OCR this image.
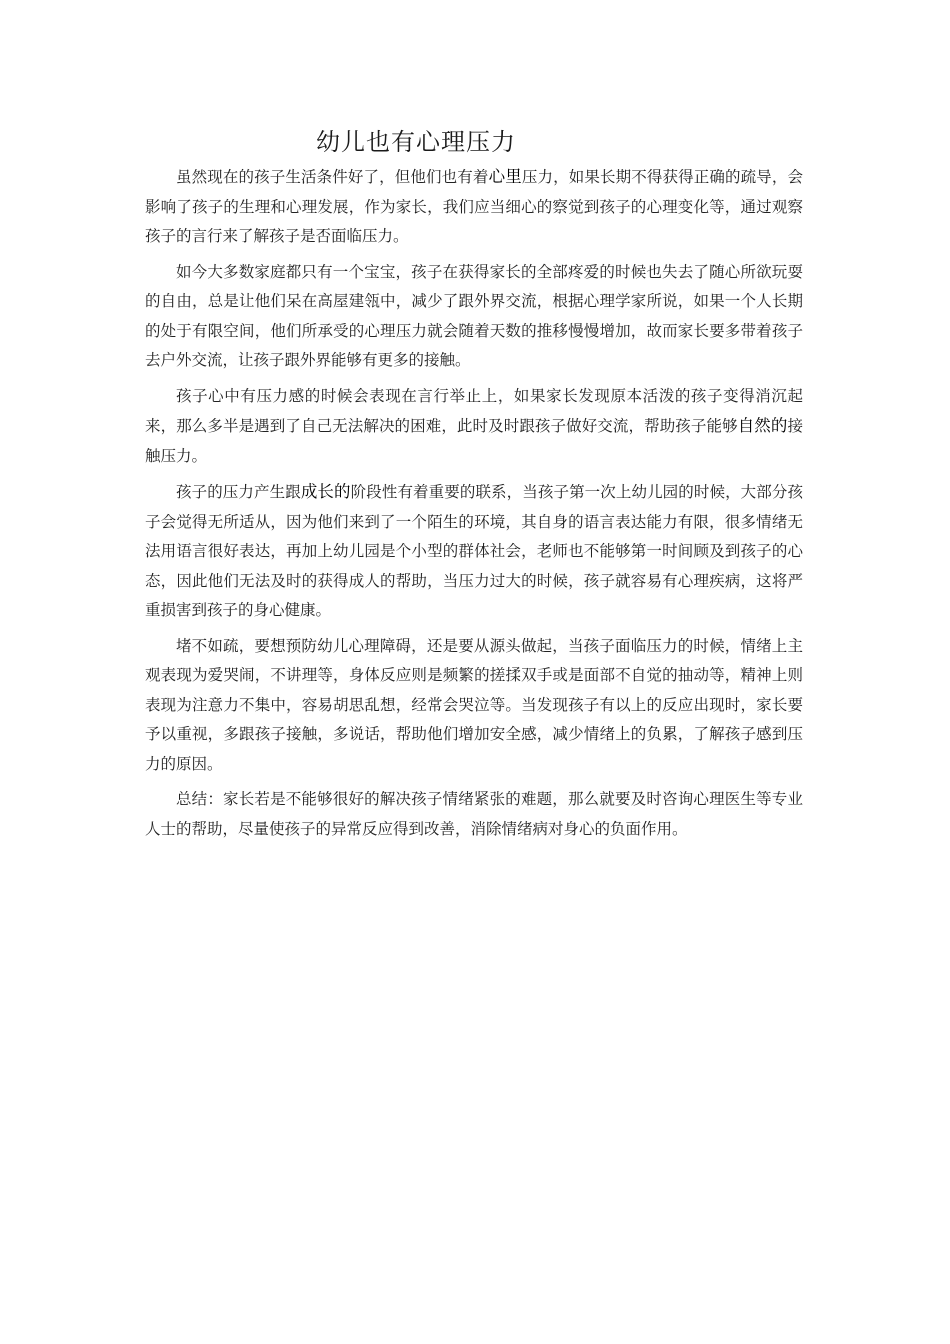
幼儿也有心理压力

虽然现在的孩子生活条件好了，但他们也有着心里压力，如果长期不得获得正确的疏导，会影响了孩子的生理和心理发展，作为家长，我们应当细心的察觉到孩子的心理变化等，通过观察孩子的言行来了解孩子是否面临压力。

如今大多数家庭都只有一个宝宝，孩子在获得家长的全部疼爱的时候也失去了随心所欲玩耍的自由，总是让他们呆在高屋建瓴中，减少了跟外界交流，根据心理学家所说，如果一个人长期的处于有限空间，他们所承受的心理压力就会随着天数的推移慢慢增加，故而家长要多带着孩子去户外交流，让孩子跟外界能够有更多的接触。

孩子心中有压力感的时候会表现在言行举止上，如果家长发现原本活泼的孩子变得消沉起来，那么多半是遇到了自己无法解决的困难，此时及时跟孩子做好交流，帮助孩子能够自然的接触压力。

孩子的压力产生跟成长的阶段性有着重要的联系，当孩子第一次上幼儿园的时候，大部分孩子会觉得无所适从，因为他们来到了一个陌生的环境，其自身的语言表达能力有限，很多情绪无法用语言很好表达，再加上幼儿园是个小型的群体社会，老师也不能够第一时间顾及到孩子的心态，因此他们无法及时的获得成人的帮助，当压力过大的时候，孩子就容易有心理疾病，这将严重损害到孩子的身心健康。

堵不如疏，要想预防幼儿心理障碍，还是要从源头做起，当孩子面临压力的时候，情绪上主观表现为爱哭闹，不讲理等，身体反应则是频繁的搓揉双手或是面部不自觉的抽动等，精神上则表现为注意力不集中，容易胡思乱想，经常会哭泣等。当发现孩子有以上的反应出现时，家长要予以重视，多跟孩子接触，多说话，帮助他们增加安全感，减少情绪上的负累，了解孩子感到压力的原因。

总结：家长若是不能够很好的解决孩子情绪紧张的难题，那么就要及时咨询心理医生等专业人士的帮助，尽量使孩子的异常反应得到改善，消除情绪病对身心的负面作用。
